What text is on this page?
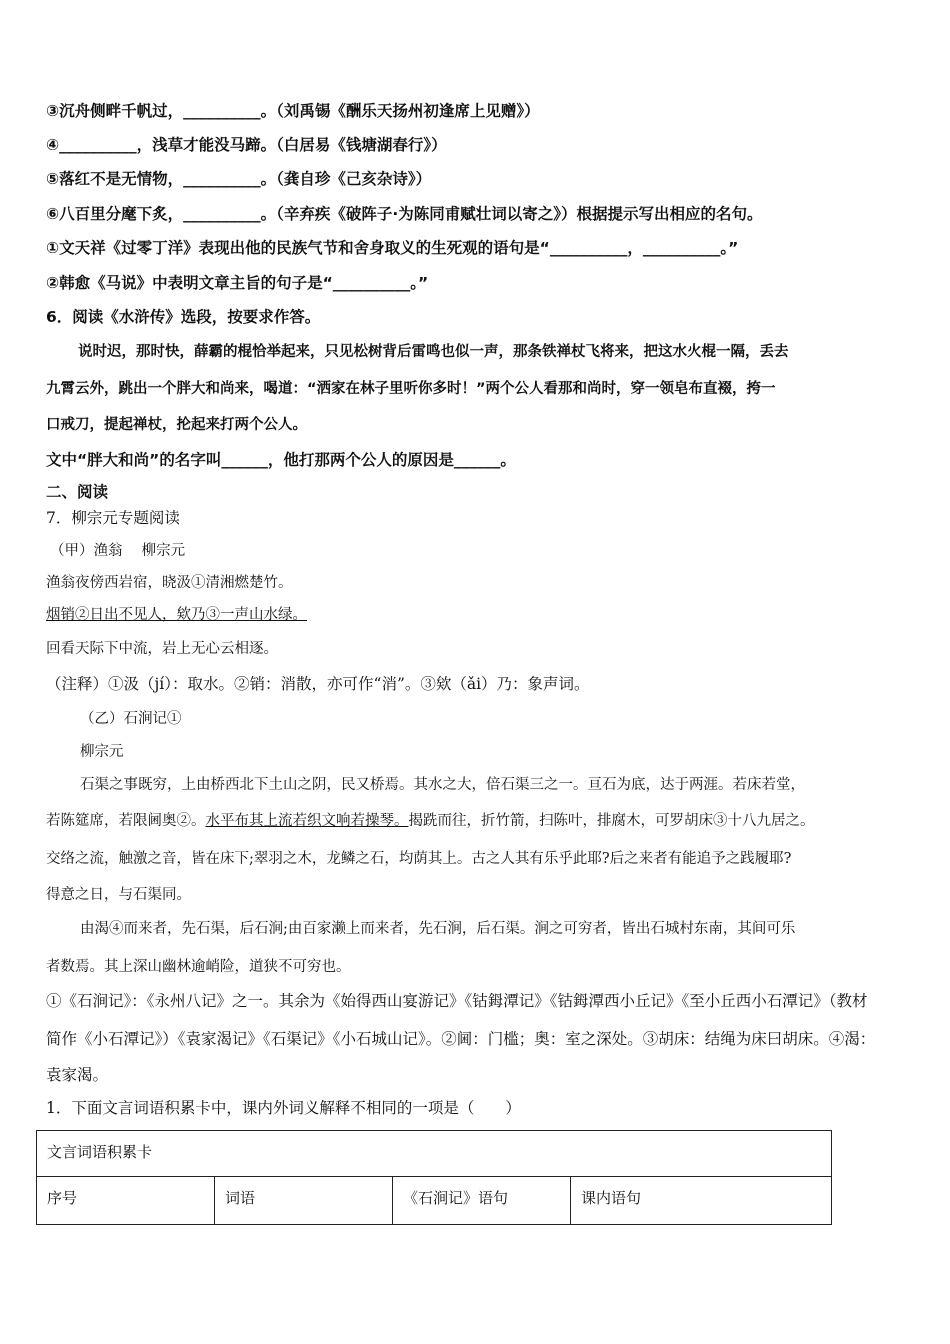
③沉舟侧畔千帆过，__________。（刘禹锡《酬乐天扬州初逢席上见赠》）
④__________，浅草才能没马蹄。（白居易《钱塘湖春行》）
⑤落红不是无情物，__________。（龚自珍《己亥杂诗》）
⑥八百里分麾下炙，__________。（辛弃疾《破阵子·为陈同甫赋壮词以寄之》）根据提示写出相应的名句。
①文天祥《过零丁洋》表现出他的民族气节和舍身取义的生死观的语句是“__________，__________。”
②韩愈《马说》中表明文章主旨的句子是“__________。”
6．阅读《水浒传》选段，按要求作答。
说时迟，那时快，薛霸的棍恰举起来，只见松树背后雷鸣也似一声，那条铁禅杖飞将来，把这水火棍一隔，丢去
九霄云外，跳出一个胖大和尚来，喝道：“洒家在林子里听你多时！”两个公人看那和尚时，穿一领皂布直裰，挎一
口戒刀，提起禅杖，抡起来打两个公人。
文中“胖大和尚”的名字叫______，他打那两个公人的原因是______。
二、阅读
7．柳宗元专题阅读
（甲）渔翁　 柳宗元
渔翁夜傍西岩宿，晓汲①清湘燃楚竹。
烟销②日出不见人，欸乃③一声山水绿。
回看天际下中流，岩上无心云相逐。
（注释）①汲（jí）：取水。②销：消散，亦可作“消”。③欸（ǎi）乃：象声词。
（乙）石涧记①
柳宗元
石渠之事既穷，上由桥西北下土山之阴，民又桥焉。其水之大，倍石渠三之一。亘石为底，达于两涯。若床若堂，
若陈筵席，若限阃奥②。水平布其上流若织文响若操琴。揭跣而往，折竹箭，扫陈叶，排腐木，可罗胡床③十八九居之。
交络之流，触激之音，皆在床下;翠羽之木，龙鳞之石，均荫其上。古之人其有乐乎此耶?后之来者有能追予之践履耶?
得意之日，与石渠同。
由渴④而来者，先石渠，后石涧;由百家濑上而来者，先石涧，后石渠。涧之可穷者，皆出石城村东南，其间可乐
者数焉。其上深山幽林逾峭险，道狭不可穷也。
①《石涧记》：《永州八记》之一。其余为《始得西山宴游记》《钴鉧潭记》《钴鉧潭西小丘记》《至小丘西小石潭记》（教材
简作《小石潭记》）《袁家渴记》《石渠记》《小石城山记》。②阃：门槛；奥：室之深处。③胡床：结绳为床曰胡床。④渴：
袁家渴。
1．下面文言词语积累卡中，课内外词义解释不相同的一项是（　　）
文言词语积累卡
序号	词语	《石涧记》语句	课内语句
